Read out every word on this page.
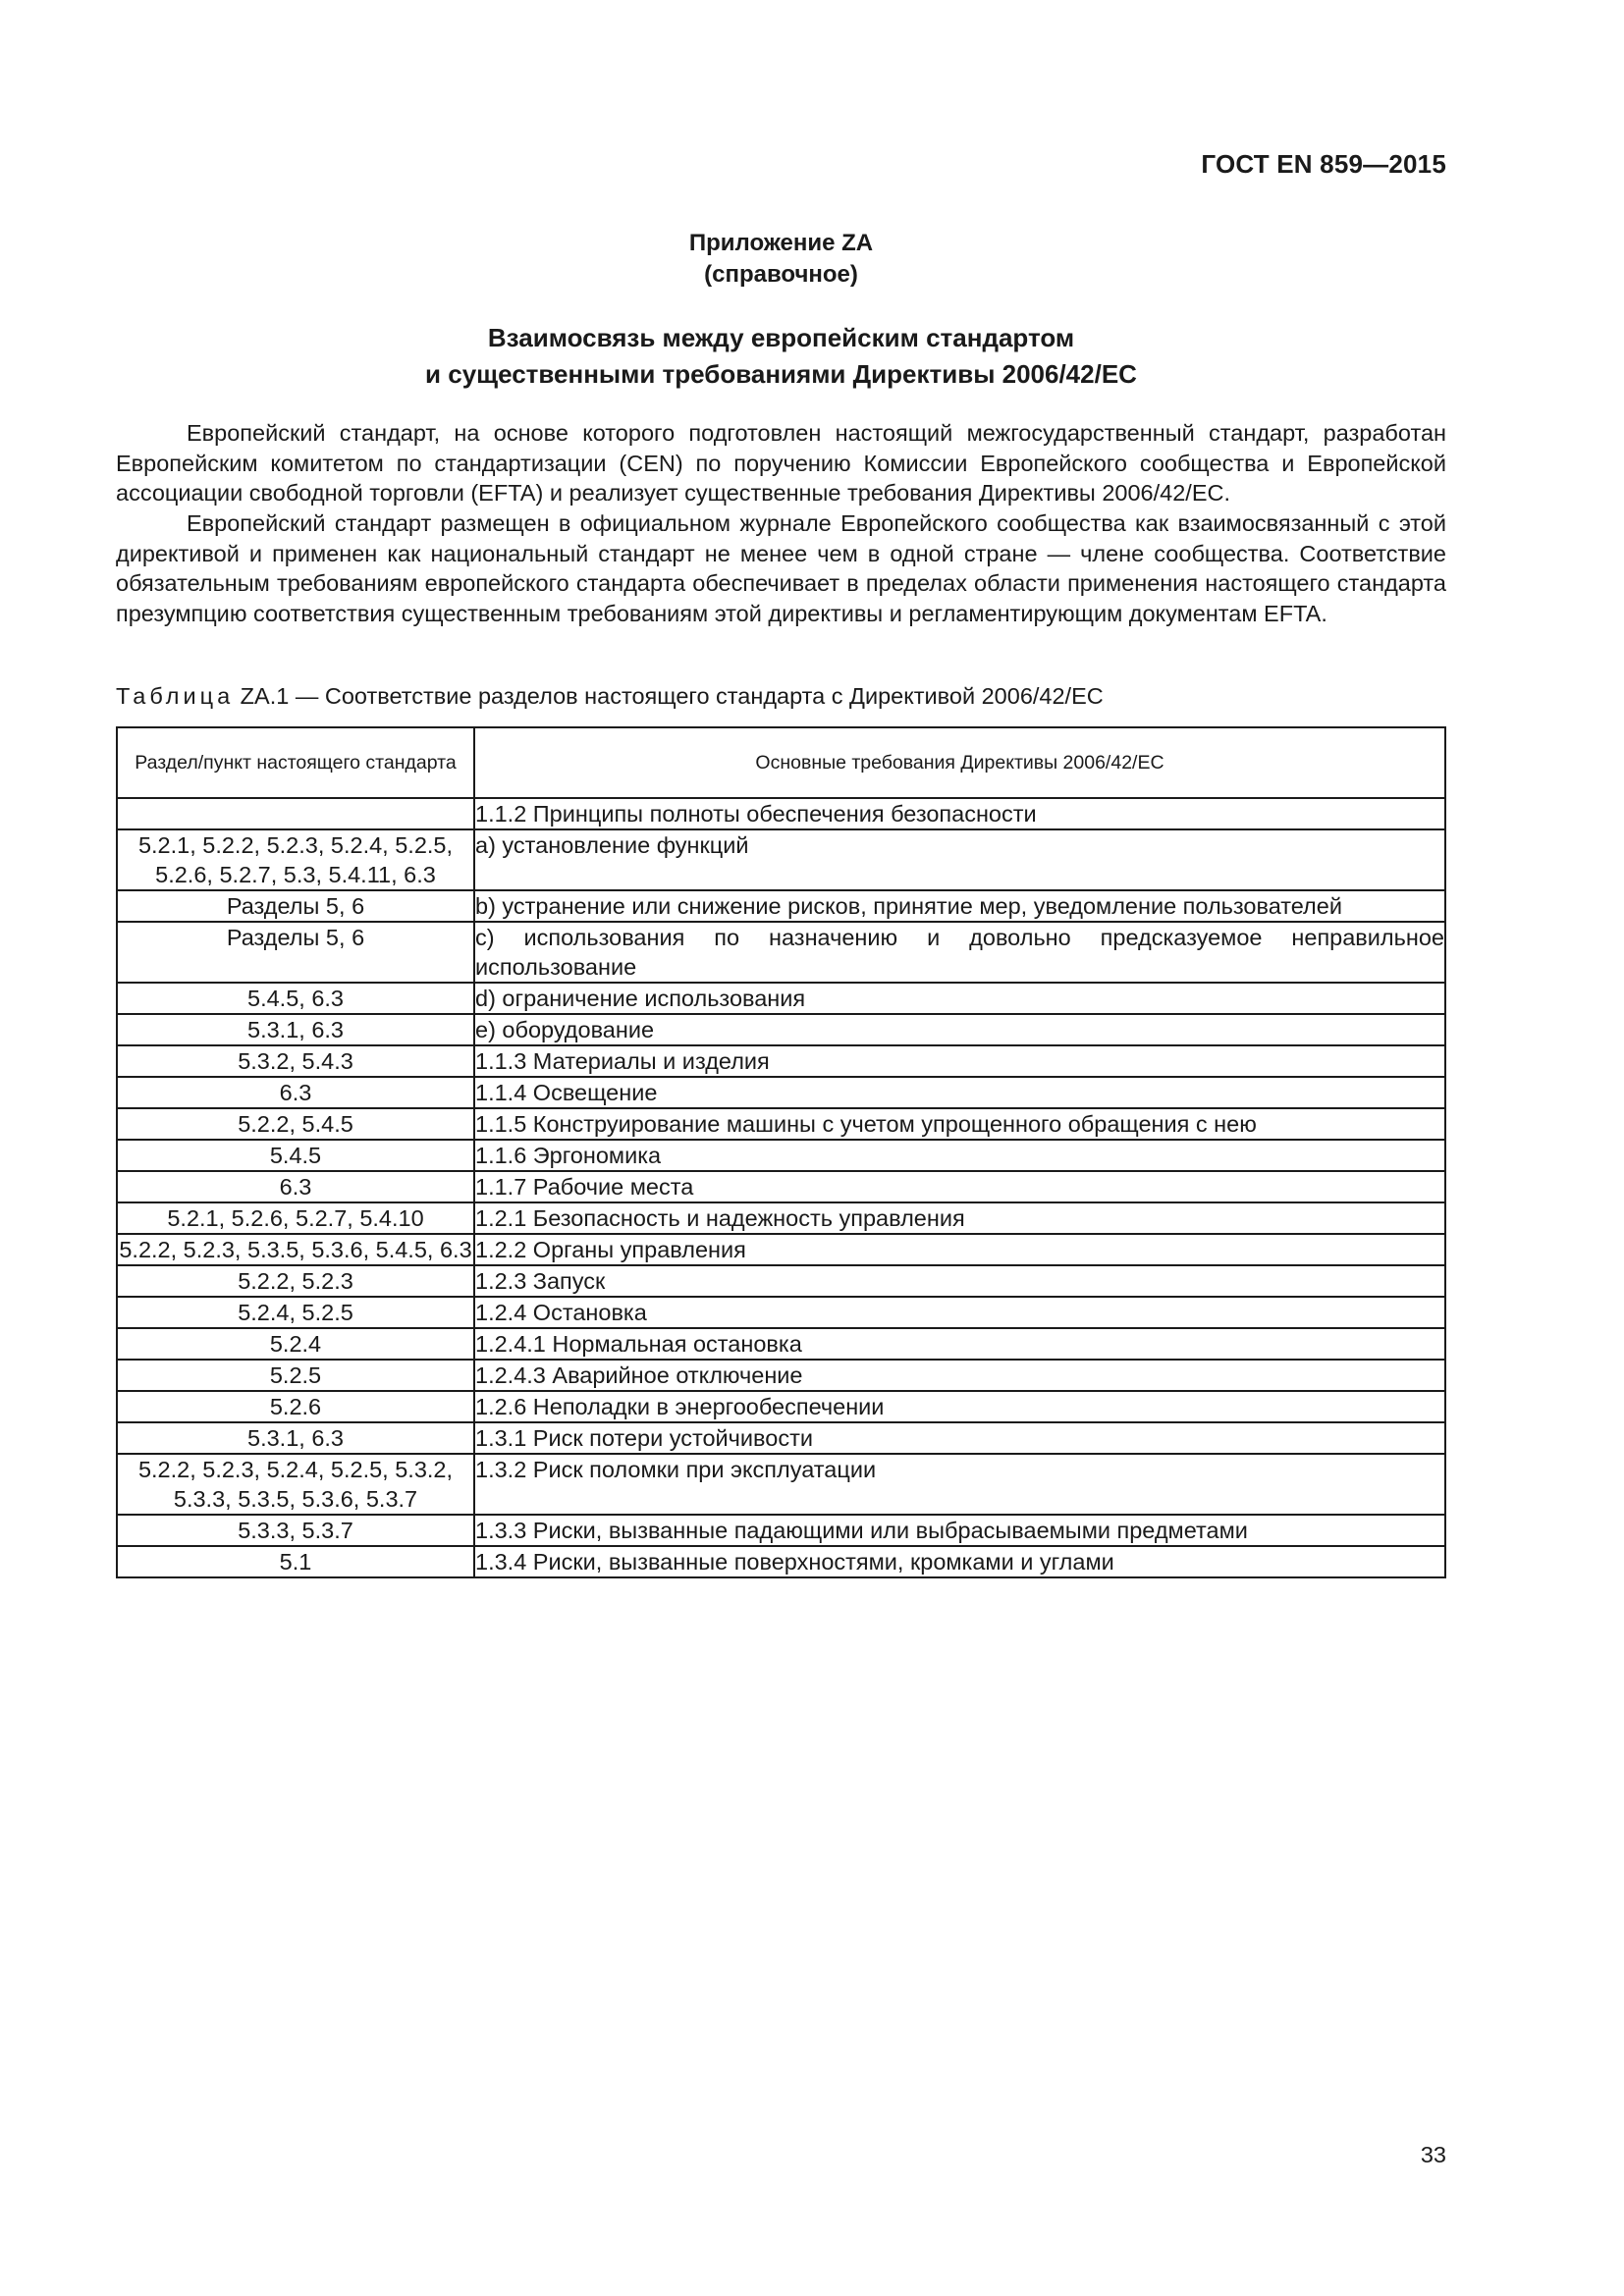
ГОСТ EN 859—2015
Приложение ZA
(справочное)
Взаимосвязь между европейским стандартом
и существенными требованиями Директивы 2006/42/EC

Европейский стандарт, на основе которого подготовлен настоящий межгосударственный стандарт, разработан Европейским комитетом по стандартизации (CEN) по поручению Комиссии Европейского сообщества и Европейской ассоциации свободной торговли (EFTA) и реализует существенные требования Директивы 2006/42/EC.

Европейский стандарт размещен в официальном журнале Европейского сообщества как взаимосвязанный с этой директивой и применен как национальный стандарт не менее чем в одной стране — члене сообщества. Соответствие обязательным требованиям европейского стандарта обеспечивает в пределах области применения настоящего стандарта презумпцию соответствия существенным требованиям этой директивы и регламентирующим документам EFTA.

Таблица ZA.1 — Соответствие разделов настоящего стандарта с Директивой 2006/42/EC
Раздел/пункт настоящего стандарта	Основные требования Директивы 2006/42/EC
	1.1.2 Принципы полноты обеспечения безопасности
5.2.1, 5.2.2, 5.2.3, 5.2.4, 5.2.5, 5.2.6, 5.2.7, 5.3, 5.4.11, 6.3	a) установление функций
Разделы 5, 6	b) устранение или снижение рисков, принятие мер, уведомление пользователей
Разделы 5, 6	c) использования по назначению и довольно предсказуемое неправильное использование
5.4.5, 6.3	d) ограничение использования
5.3.1, 6.3	e) оборудование
5.3.2, 5.4.3	1.1.3 Материалы и изделия
6.3	1.1.4 Освещение
5.2.2, 5.4.5	1.1.5 Конструирование машины с учетом упрощенного обращения с нею
5.4.5	1.1.6 Эргономика
6.3	1.1.7 Рабочие места
5.2.1, 5.2.6, 5.2.7, 5.4.10	1.2.1 Безопасность и надежность управления
5.2.2, 5.2.3, 5.3.5, 5.3.6, 5.4.5, 6.3	1.2.2 Органы управления
5.2.2, 5.2.3	1.2.3 Запуск
5.2.4, 5.2.5	1.2.4 Остановка
5.2.4	1.2.4.1 Нормальная остановка
5.2.5	1.2.4.3 Аварийное отключение
5.2.6	1.2.6 Неполадки в энергообеспечении
5.3.1, 6.3	1.3.1 Риск потери устойчивости
5.2.2, 5.2.3, 5.2.4, 5.2.5, 5.3.2, 5.3.3, 5.3.5, 5.3.6, 5.3.7	1.3.2 Риск поломки при эксплуатации
5.3.3, 5.3.7	1.3.3 Риски, вызванные падающими или выбрасываемыми предметами
5.1	1.3.4 Риски, вызванные поверхностями, кромками и углами
33
